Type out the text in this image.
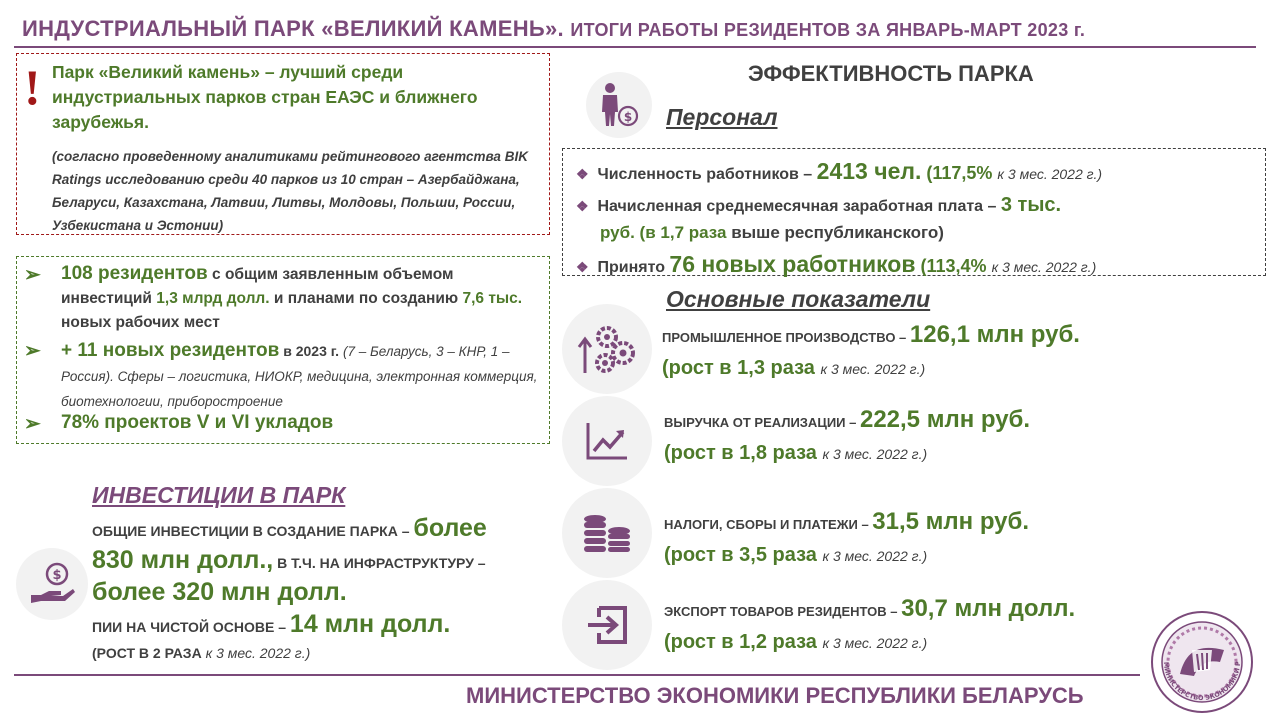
ИНДУСТРИАЛЬНЫЙ ПАРК «ВЕЛИКИЙ КАМЕНЬ». ИТОГИ РАБОТЫ РЕЗИДЕНТОВ ЗА ЯНВАРЬ-МАРТ 2023 г.
! Парк «Великий камень» – лучший среди индустриальных парков стран ЕАЭС и ближнего зарубежья.
(согласно проведенному аналитиками рейтингового агентства BIK Ratings исследованию среди 40 парков из 10 стран – Азербайджана, Беларуси, Казахстана, Латвии, Литвы, Молдовы, Польши, России, Узбекистана и Эстонии)
➢ 108 резидентов с общим заявленным объемом инвестиций 1,3 млрд долл. и планами по созданию 7,6 тыс. новых рабочих мест
➢ + 11 новых резидентов в 2023 г. (7 – Беларусь, 3 – КНР, 1 – Россия). Сферы – логистика, НИОКР, медицина, электронная коммерция, биотехнологии, приборостроение
➢ 78% проектов V и VI укладов
ИНВЕСТИЦИИ В ПАРК
$
ОБЩИЕ ИНВЕСТИЦИИ В СОЗДАНИЕ ПАРКА – более
830 млн долл., В Т.Ч. НА ИНФРАСТРУКТУРУ –
более 320 млн долл.
ПИИ НА ЧИСТОЙ ОСНОВЕ – 14 млн долл.
(РОСТ В 2 РАЗА к 3 мес. 2022 г.)
ЭФФЕКТИВНОСТЬ ПАРКА
$ Персонал
❖ Численность работников – 2413 чел. (117,5% к 3 мес. 2022 г.)
❖ Начисленная среднемесячная заработная плата – 3 тыс.
руб. (в 1,7 раза выше республиканского)
❖ Принято 76 новых работников (113,4% к 3 мес. 2022 г.)
Основные показатели
ПРОМЫШЛЕННОЕ ПРОИЗВОДСТВО – 126,1 млн руб.
(рост в 1,3 раза к 3 мес. 2022 г.)
ВЫРУЧКА ОТ РЕАЛИЗАЦИИ – 222,5 млн руб.
(рост в 1,8 раза к 3 мес. 2022 г.)
НАЛОГИ, СБОРЫ И ПЛАТЕЖИ – 31,5 млн руб.
(рост в 3,5 раза к 3 мес. 2022 г.)
ЭКСПОРТ ТОВАРОВ РЕЗИДЕНТОВ – 30,7 млн долл.
(рост в 1,2 раза к 3 мес. 2022 г.)
МИНИСТЕРСТВО ЭКОНОМИКИ РЕСПУБЛИКИ БЕЛАРУСЬ
МИНИСТЕРСТВО ЭКОНОМИКИ Р
